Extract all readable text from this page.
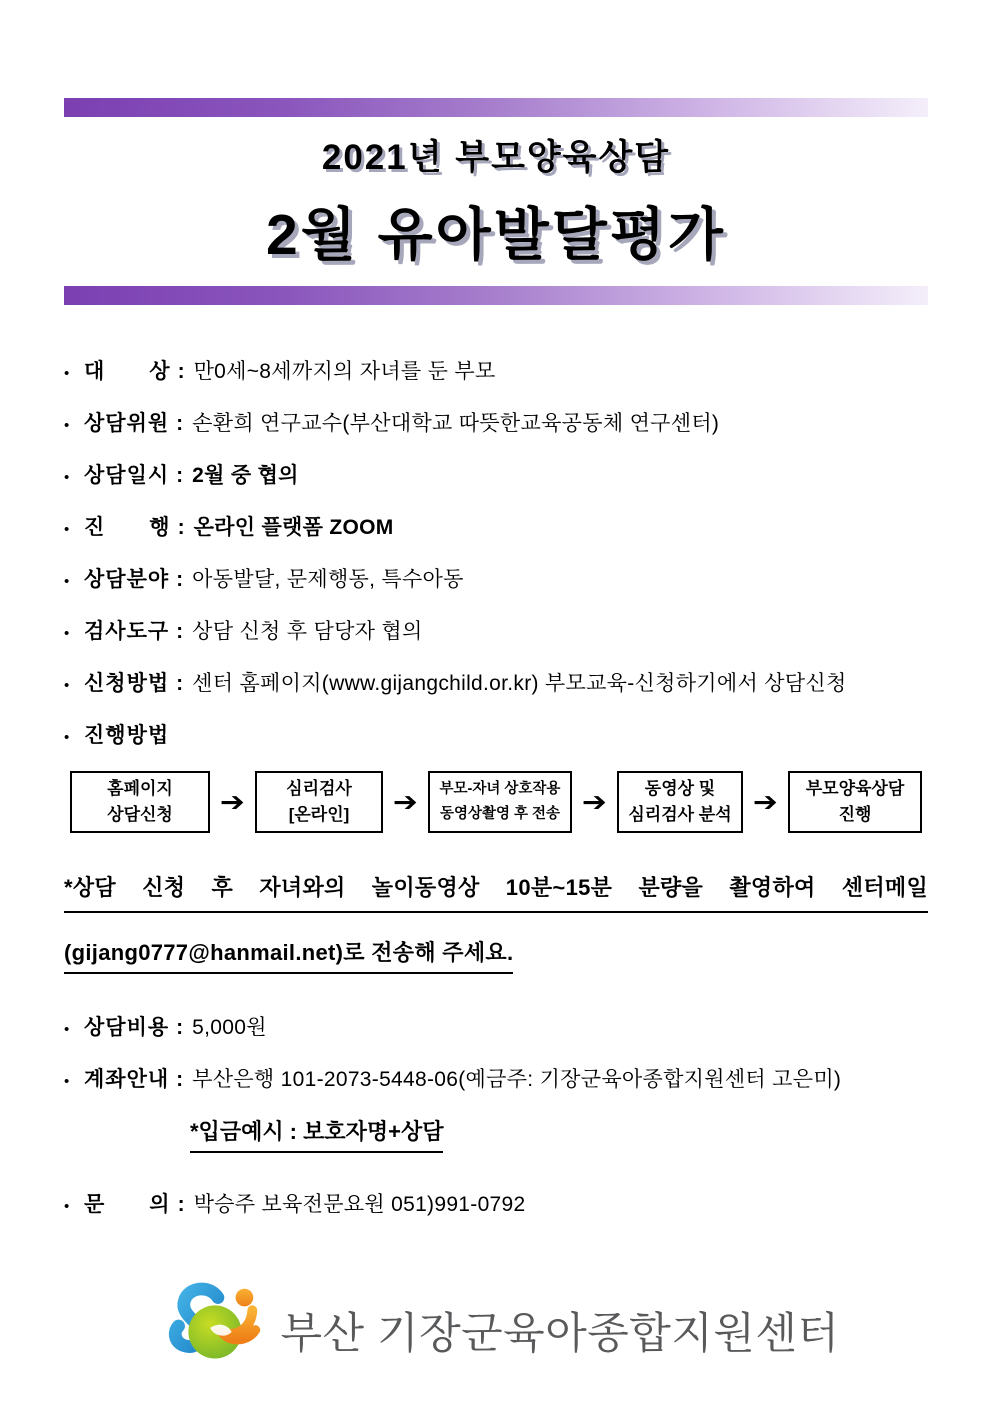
2021년 부모양육상담
2월 유아발달평가
• 대　　상 : 만0세~8세까지의 자녀를 둔 부모
• 상담위원 : 손환희 연구교수(부산대학교 따뜻한교육공동체 연구센터)
• 상담일시 : 2월 중 협의
• 진　　행 : 온라인 플랫폼 ZOOM
• 상담분야 : 아동발달, 문제행동, 특수아동
• 검사도구 : 상담 신청 후 담당자 협의
• 신청방법 : 센터 홈페이지(www.gijangchild.or.kr) 부모교육-신청하기에서 상담신청
• 진행방법
홈페이지
상담신청 ➔ 심리검사
[온라인] ➔ 부모-자녀 상호작용
동영상촬영 후 전송 ➔ 동영상 및
심리검사 분석 ➔ 부모양육상담
진행
*상담 신청 후 자녀와의 놀이동영상 10분~15분 분량을 촬영하여 센터메일
(gijang0777@hanmail.net)로 전송해 주세요.
• 상담비용 : 5,000원
• 계좌안내 : 부산은행 101-2073-5448-06(예금주: 기장군육아종합지원센터 고은미)
*입금예시 : 보호자명+상담
• 문　　의 : 박승주 보육전문요원 051)991-0792
부산 기장군육아종합지원센터
